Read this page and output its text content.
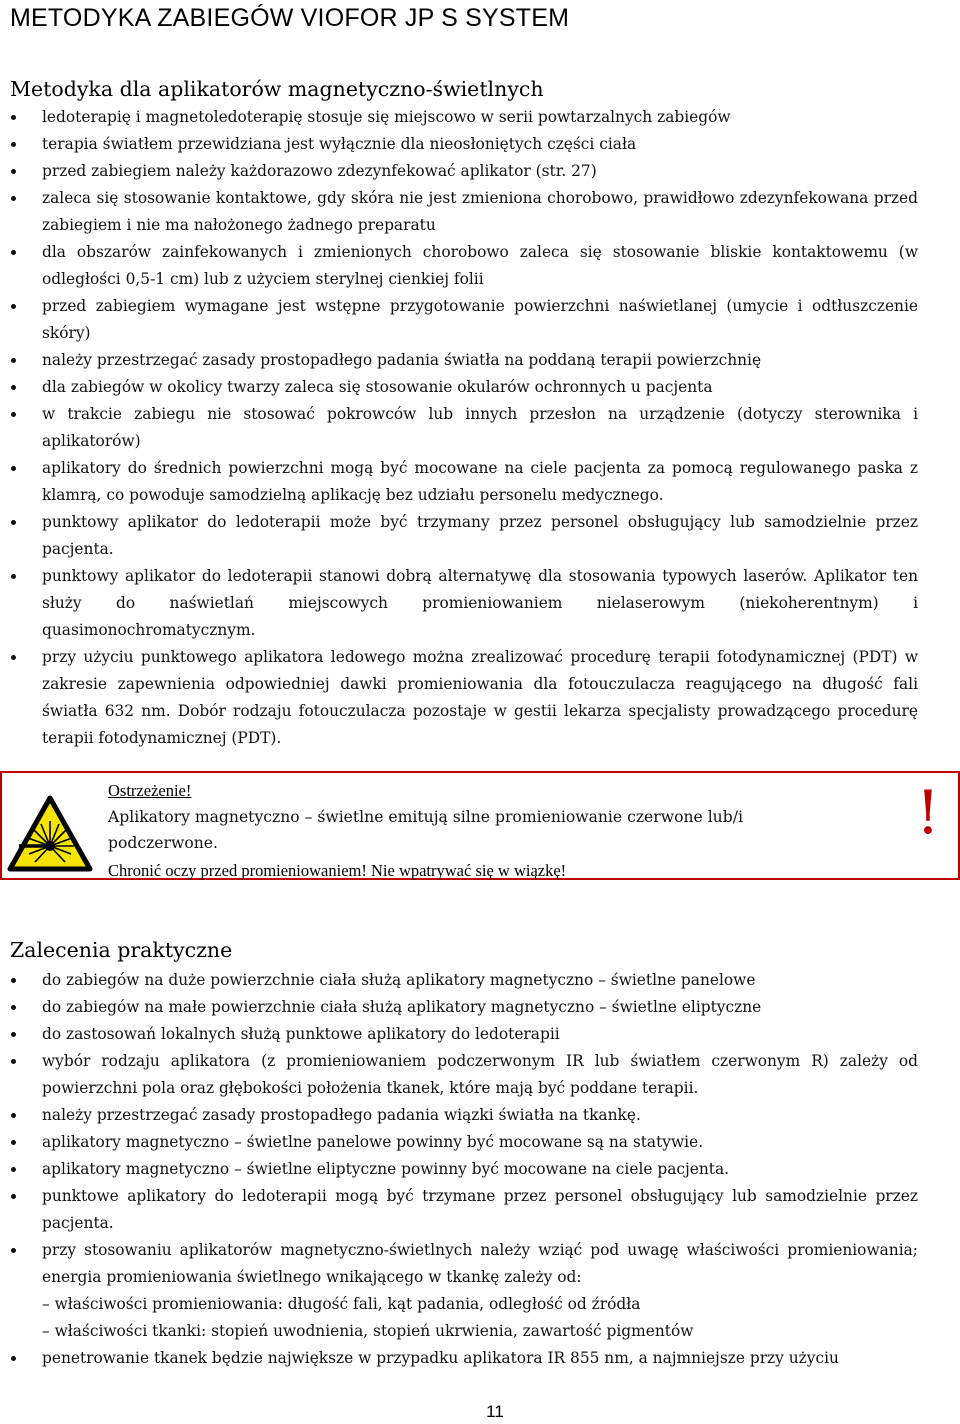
METODYKA ZABIEGÓW VIOFOR JP S SYSTEM
Metodyka dla aplikatorów magnetyczno-świetlnych
ledoterapię i magnetoledoterapię stosuje się miejscowo w serii powtarzalnych zabiegów
terapia światłem przewidziana jest wyłącznie dla nieosłoniętych części ciała
przed zabiegiem należy każdorazowo zdezynfekować aplikator (str. 27)
zaleca się stosowanie kontaktowe, gdy skóra nie jest zmieniona chorobowo, prawidłowo zdezynfekowana przed zabiegiem i nie ma nałożonego żadnego preparatu
dla obszarów zainfekowanych i zmienionych chorobowo zaleca się stosowanie bliskie kontaktowemu (w odległości 0,5-1 cm) lub z użyciem sterylnej cienkiej folii
przed zabiegiem wymagane jest wstępne przygotowanie powierzchni naświetlanej (umycie i odtłuszczenie skóry)
należy przestrzegać zasady prostopadłego padania światła na poddaną terapii powierzchnię
dla zabiegów w okolicy twarzy zaleca się stosowanie okularów ochronnych u pacjenta
w trakcie zabiegu nie stosować pokrowców lub innych przesłon na urządzenie (dotyczy sterownika i aplikatorów)
aplikatory do średnich powierzchni mogą być mocowane na ciele pacjenta za pomocą regulowanego paska z klamrą, co powoduje samodzielną aplikację bez udziału personelu medycznego.
punktowy aplikator do ledoterapii może być trzymany przez personel obsługujący lub samodzielnie przez pacjenta.
punktowy aplikator do ledoterapii stanowi dobrą alternatywę dla stosowania typowych laserów. Aplikator ten służy do naświetlań miejscowych promieniowaniem nielaserowym (niekoherentnym) i quasimonochromatycznym.
przy użyciu punktowego aplikatora ledowego można zrealizować procedurę terapii fotodynamicznej (PDT) w zakresie zapewnienia odpowiedniej dawki promieniowania dla fotouczulacza reagującego na długość fali światła 632 nm. Dobór rodzaju fotouczulacza pozostaje w gestii lekarza specjalisty prowadzącego procedurę terapii fotodynamicznej (PDT).
Ostrzeżenie!
Aplikatory magnetyczno – świetlne emitują silne promieniowanie czerwone lub/i podczerwone.
Chronić oczy przed promieniowaniem! Nie wpatrywać się w wiązkę!
!
Zalecenia praktyczne
do zabiegów na duże powierzchnie ciała służą aplikatory magnetyczno – świetlne panelowe
do zabiegów na małe powierzchnie ciała służą aplikatory magnetyczno – świetlne eliptyczne
do zastosowań lokalnych służą punktowe aplikatory do ledoterapii
wybór rodzaju aplikatora (z promieniowaniem podczerwonym IR lub światłem czerwonym R) zależy od powierzchni pola oraz głębokości położenia tkanek, które mają być poddane terapii.
należy przestrzegać zasady prostopadłego padania wiązki światła na tkankę.
aplikatory magnetyczno – świetlne panelowe powinny być mocowane są na statywie.
aplikatory magnetyczno – świetlne eliptyczne powinny być mocowane na ciele pacjenta.
punktowe aplikatory do ledoterapii mogą być trzymane przez personel obsługujący lub samodzielnie przez pacjenta.
przy stosowaniu aplikatorów magnetyczno-świetlnych należy wziąć pod uwagę właściwości promieniowania; energia promieniowania świetlnego wnikającego w tkankę zależy od:
– właściwości promieniowania: długość fali, kąt padania, odległość od źródła
– właściwości tkanki: stopień uwodnienia, stopień ukrwienia, zawartość pigmentów
penetrowanie tkanek będzie największe w przypadku aplikatora IR 855 nm, a najmniejsze przy użyciu
11
